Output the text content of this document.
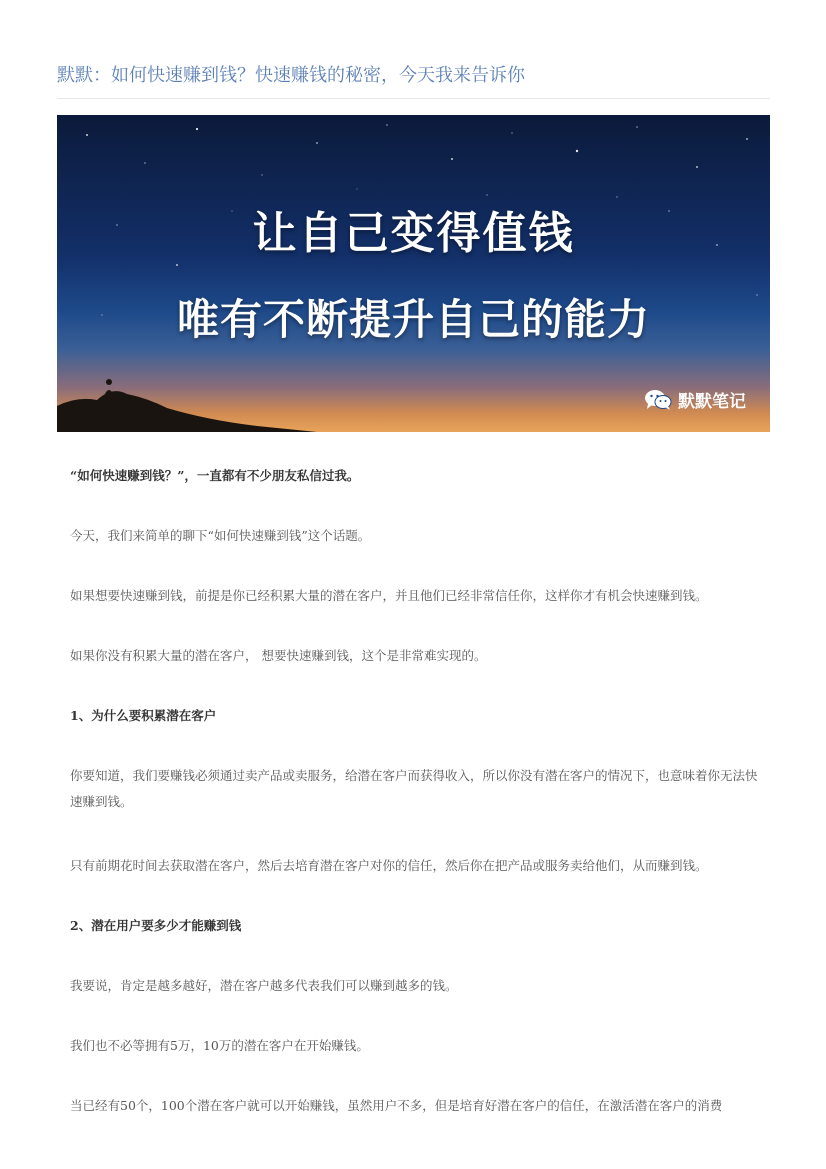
默默：如何快速赚到钱？快速赚钱的秘密，今天我来告诉你
让自己变得值钱
唯有不断提升自己的能力
默默笔记
“如何快速赚到钱？”，一直都有不少朋友私信过我。
今天，我们来简单的聊下“如何快速赚到钱”这个话题。
如果想要快速赚到钱，前提是你已经积累大量的潜在客户，并且他们已经非常信任你，这样你才有机会快速赚到钱。
如果你没有积累大量的潜在客户， 想要快速赚到钱，这个是非常难实现的。
1、为什么要积累潜在客户
你要知道，我们要赚钱必须通过卖产品或卖服务，给潜在客户而获得收入，所以你没有潜在客户的情况下，也意味着你无法快速赚到钱。
只有前期花时间去获取潜在客户，然后去培育潜在客户对你的信任，然后你在把产品或服务卖给他们，从而赚到钱。
2、潜在用户要多少才能赚到钱
我要说，肯定是越多越好，潜在客户越多代表我们可以赚到越多的钱。
我们也不必等拥有5万，10万的潜在客户在开始赚钱。
当已经有50个，100个潜在客户就可以开始赚钱，虽然用户不多，但是培育好潜在客户的信任，在激活潜在客户的消费
